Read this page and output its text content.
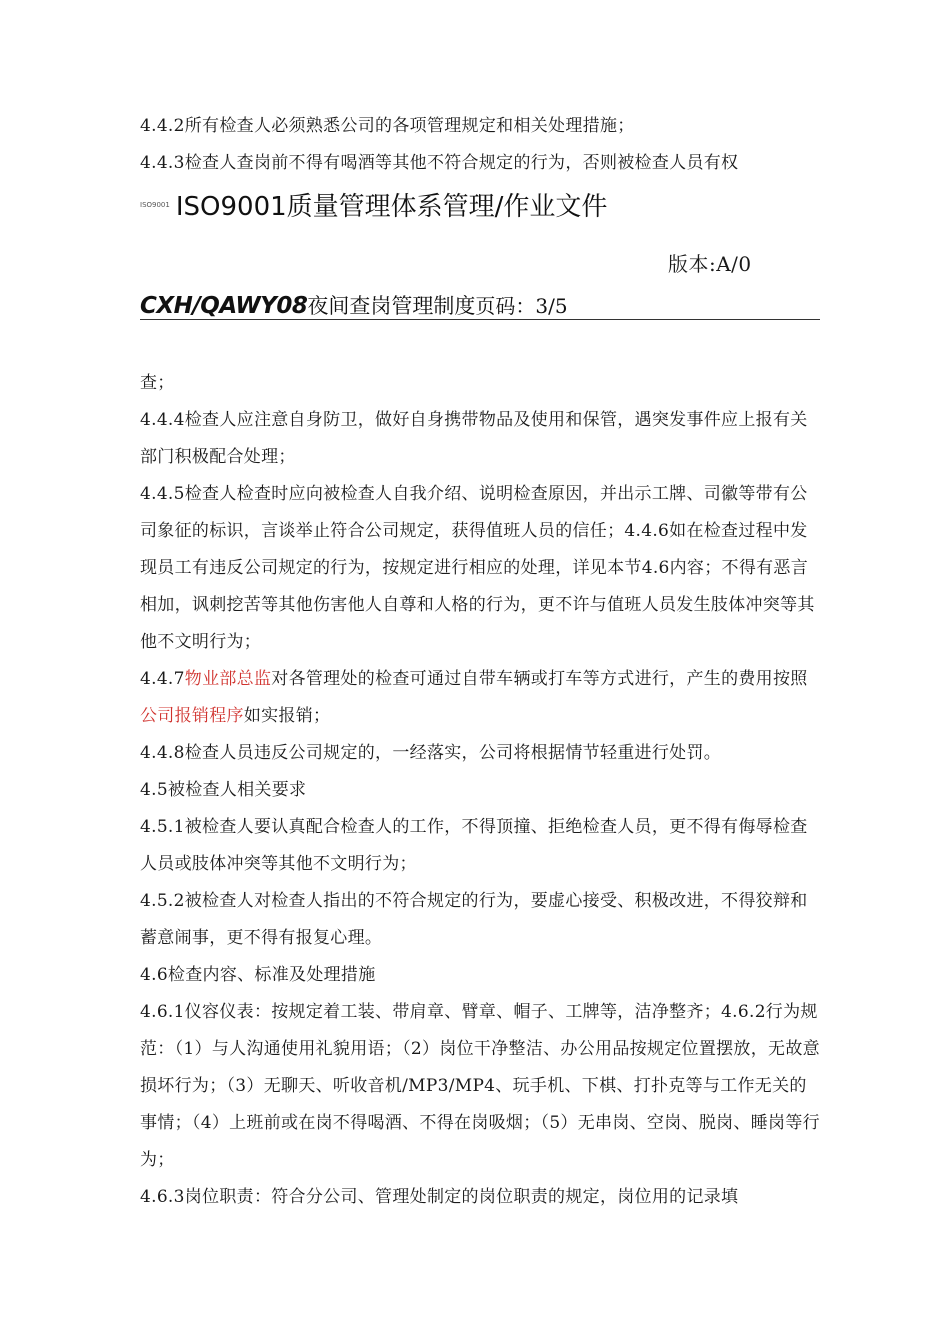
4.4.2所有检查人必须熟悉公司的各项管理规定和相关处理措施；
4.4.3检查人查岗前不得有喝酒等其他不符合规定的行为，否则被检查人员有权
ISO9001 ISO9001质量管理体系管理/作业文件
版本:A/0
CXH/QAWY08夜间查岗管理制度页码：3/5

查；

4.4.4检查人应注意自身防卫，做好自身携带物品及使用和保管，遇突发事件应上报有关部门积极配合处理；

4.4.5检查人检查时应向被检查人自我介绍、说明检查原因，并出示工牌、司徽等带有公司象征的标识，言谈举止符合公司规定，获得值班人员的信任；4.4.6如在检查过程中发现员工有违反公司规定的行为，按规定进行相应的处理，详见本节4.6内容；不得有恶言相加，讽刺挖苦等其他伤害他人自尊和人格的行为，更不许与值班人员发生肢体冲突等其他不文明行为；

4.4.7物业部总监对各管理处的检查可通过自带车辆或打车等方式进行，产生的费用按照公司报销程序如实报销；

4.4.8检查人员违反公司规定的，一经落实，公司将根据情节轻重进行处罚。

4.5被检查人相关要求

4.5.1被检查人要认真配合检查人的工作，不得顶撞、拒绝检查人员，更不得有侮辱检查人员或肢体冲突等其他不文明行为；

4.5.2被检查人对检查人指出的不符合规定的行为，要虚心接受、积极改进，不得狡辩和蓄意闹事，更不得有报复心理。

4.6检查内容、标准及处理措施

4.6.1仪容仪表：按规定着工装、带肩章、臂章、帽子、工牌等，洁净整齐；4.6.2行为规范：（1）与人沟通使用礼貌用语；（2）岗位干净整洁、办公用品按规定位置摆放，无故意损坏行为；（3）无聊天、听收音机/MP3/MP4、玩手机、下棋、打扑克等与工作无关的事情；（4）上班前或在岗不得喝酒、不得在岗吸烟；（5）无串岗、空岗、脱岗、睡岗等行为；

4.6.3岗位职责：符合分公司、管理处制定的岗位职责的规定，岗位用的记录填
